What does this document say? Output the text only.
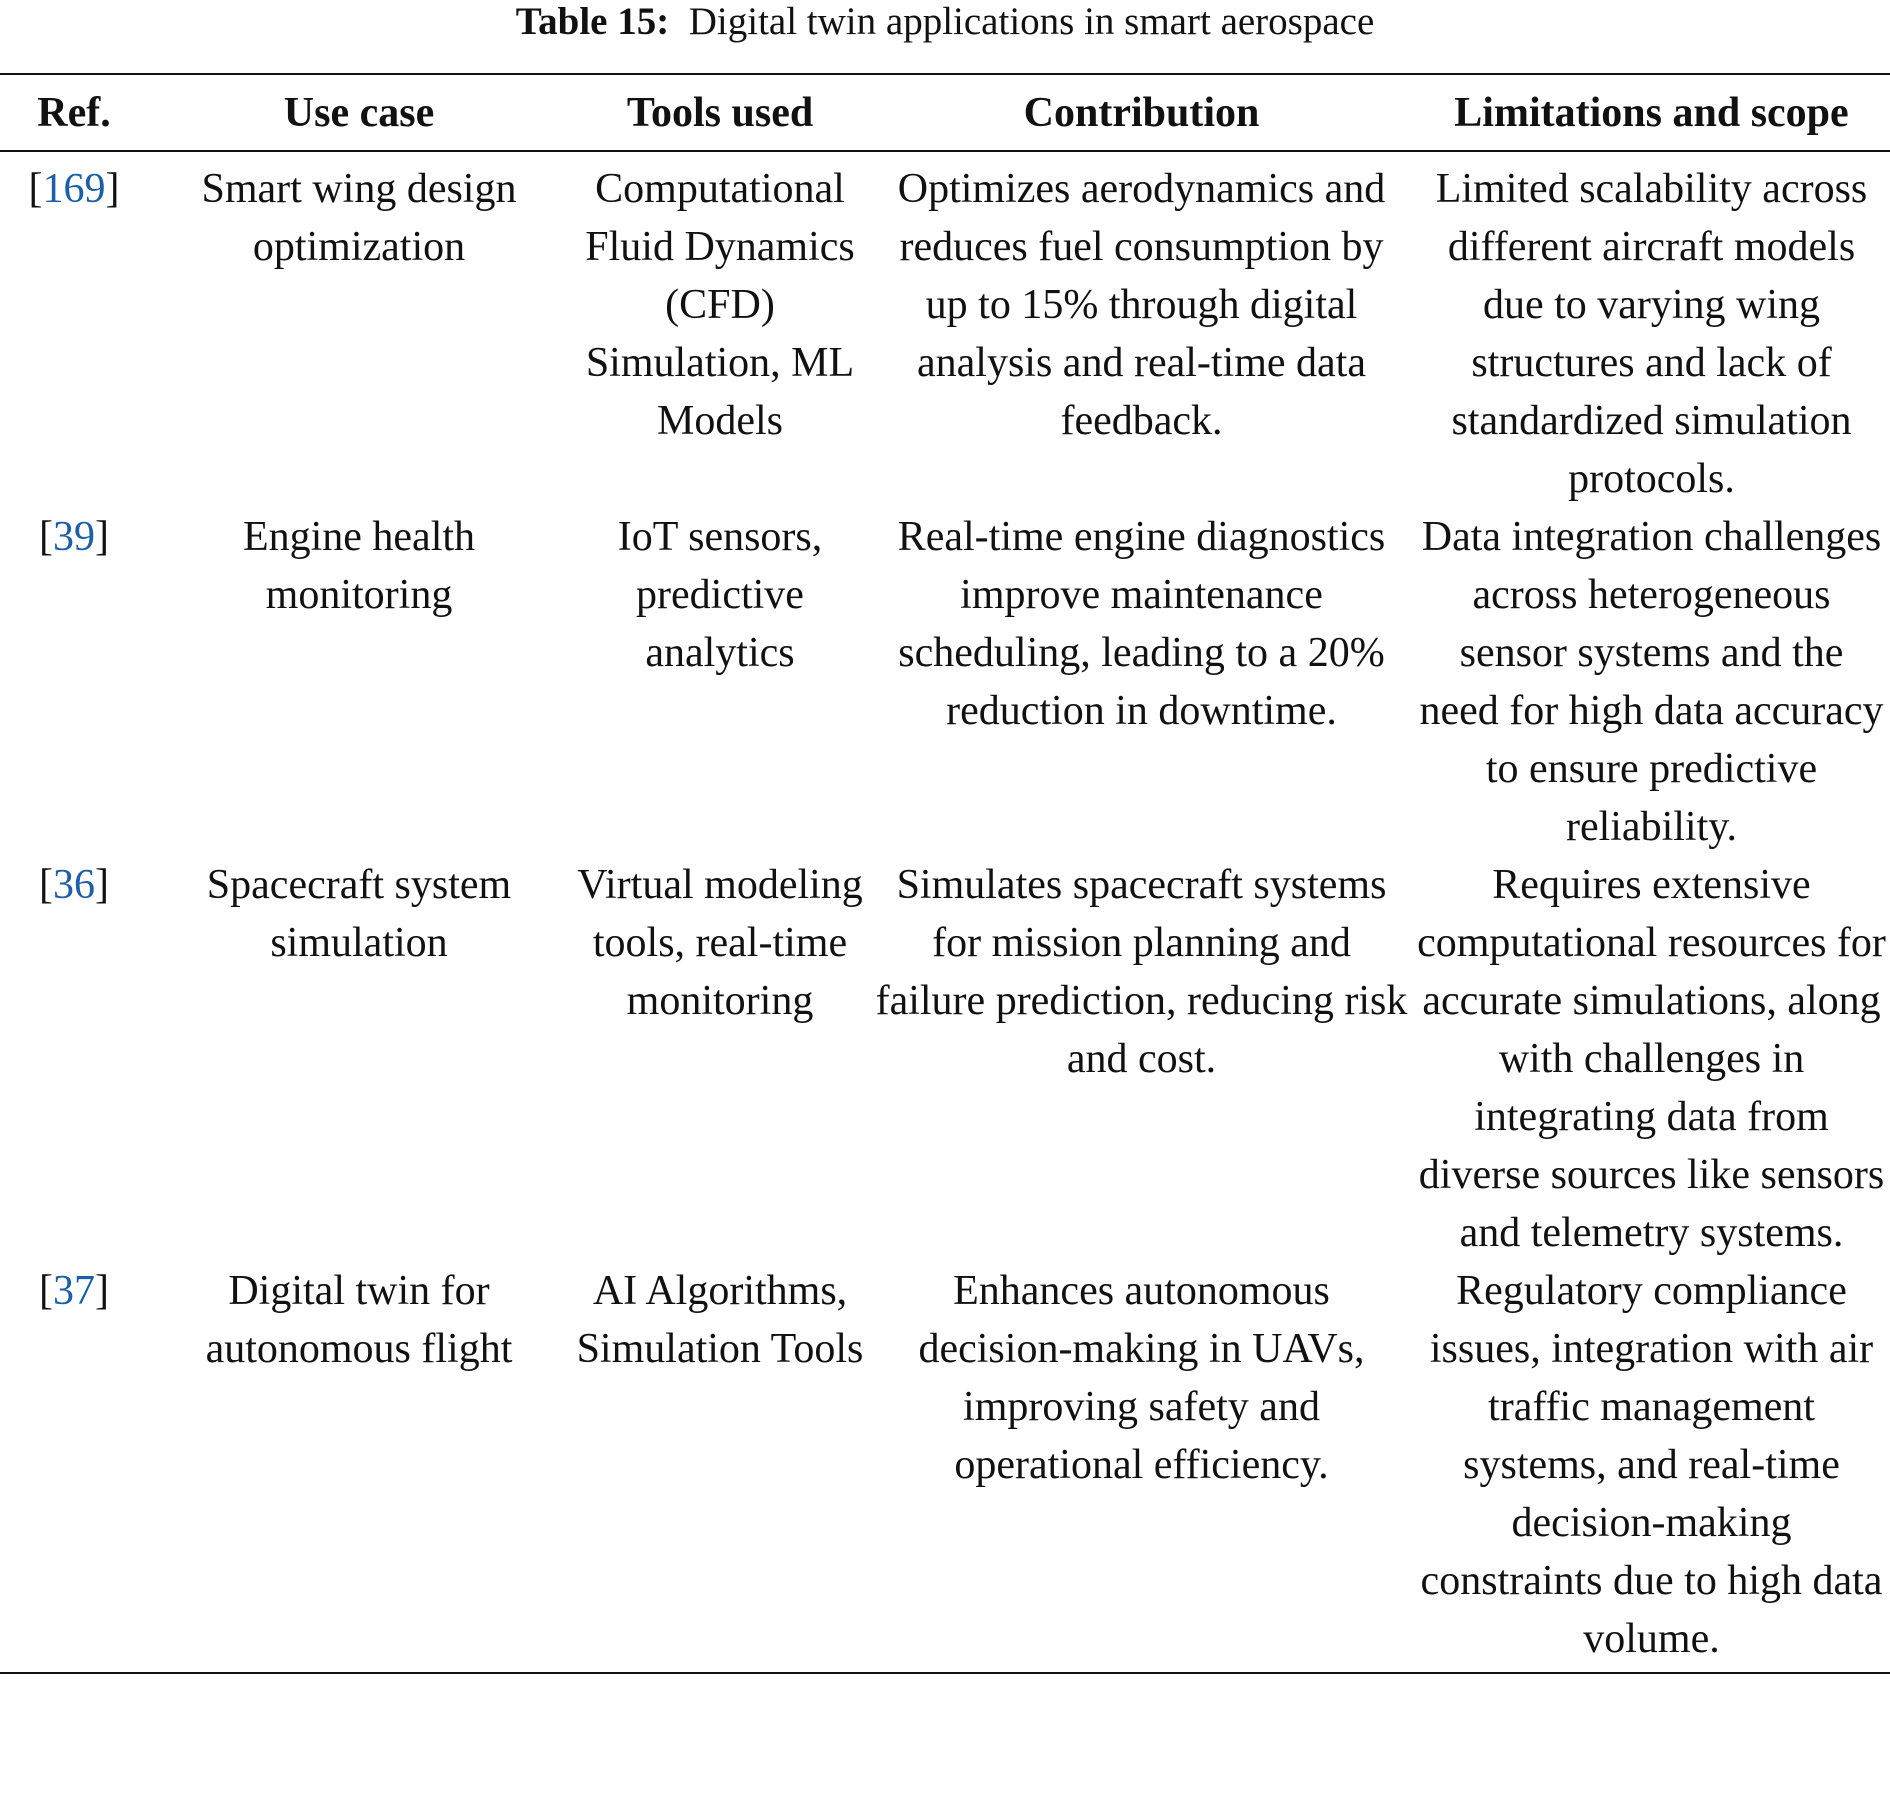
Table 15: Digital twin applications in smart aerospace
Ref.	Use case	Tools used	Contribution	Limitations and scope
[169]	Smart wing design optimization	Computational Fluid Dynamics (CFD) Simulation, ML Models	Optimizes aerodynamics and reduces fuel consumption by up to 15% through digital analysis and real-time data feedback.	Limited scalability across different aircraft models due to varying wing structures and lack of standardized simulation protocols.
[39]	Engine health monitoring	IoT sensors, predictive analytics	Real-time engine diagnostics improve maintenance scheduling, leading to a 20% reduction in downtime.	Data integration challenges across heterogeneous sensor systems and the need for high data accuracy to ensure predictive reliability.
[36]	Spacecraft system simulation	Virtual modeling tools, real-time monitoring	Simulates spacecraft systems for mission planning and failure prediction, reducing risk and cost.	Requires extensive computational resources for accurate simulations, along with challenges in integrating data from diverse sources like sensors and telemetry systems.
[37]	Digital twin for autonomous flight	AI Algorithms, Simulation Tools	Enhances autonomous decision-making in UAVs, improving safety and operational efficiency.	Regulatory compliance issues, integration with air traffic management systems, and real-time decision-making constraints due to high data volume.
